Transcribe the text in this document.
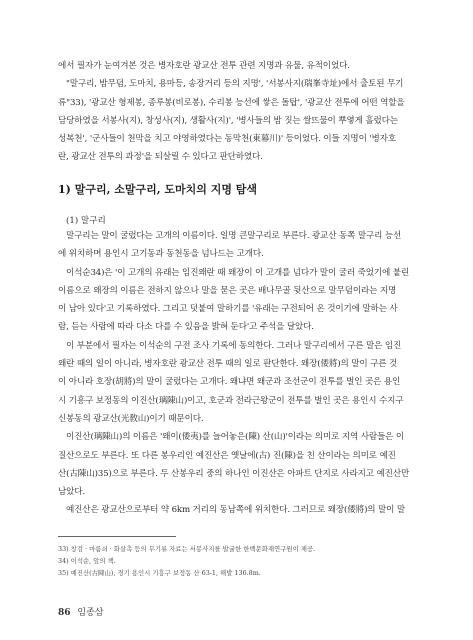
에서 필자가 눈여겨본 것은 병자호란 광교산 전투 관련 지명과 유물, 유적이었다.
"말구리, 밤무덤, 도마치, 용마등, 송장거리 등의 지명', '서봉사지(瑞峯寺址)에서 출토된 무기
류"33), '광교산 형제봉, 종루봉(비로봉), 수리봉 능선에 쌓은 돌탑', '광교산 전투에 어떤 역할을
담당하였을 서봉사(지), 창성사(지), 생활사(지)', '병사들의 밤 짓는 쌀뜨물이 뿌옇게 흘렀다는
성복천', '군사들이 천막을 치고 야영하였다는 동막천(東幕川)' 등이었다. 이들 지명이 '병자호
란, 광교산 전투의 과정'을 되살릴 수 있다고 판단하였다.
1) 말구리, 소말구리, 도마치의 지명 탐색
(1) 말구리
말구리는 말이 굴렀다는 고개의 이름이다. 일명 큰말구리로 부른다. 광교산 동쪽 말구리 능선
에 위치하며 용인시 고기동과 동천동을 넘나드는 고개다.
이석순34)은 '이 고개의 유래는 임진왜란 때 왜장이 이 고개를 넘다가 말이 굴러 죽었기에 붙린
이름으로 왜장의 이름은 전하지 않으나 말을 묻은 곳은 배나무골 뒷산으로 말무덤이라는 지명
이 남아 있다'고 기록하였다. 그리고 덧붙여 말하기를 '유래는 구전되어 온 것이기에 말하는 사
람, 듣는 사람에 따라 다소 다를 수 있음을 밝혀 둔다'고 주석을 달았다.
이 부분에서 필자는 이석순의 구전 조사 기록에 동의한다. 그러나 말구리에서 구른 말은 임진
왜란 때의 일이 아니라, 병자호란 광교산 전투 때의 일로 판단한다. 왜장(倭將)의 말이 구른 것
이 아니라 호장(胡將)의 말이 굴렀다는 고개다. 왜냐면 왜군과 조선군이 전투를 벌인 곳은 용인
시 기흥구 보정동의 이진산(璃陳山)이고, 호군과 전라근왕군이 전투를 벌인 곳은 용인시 수지구
신봉동의 광교산(光敎山)이기 때문이다.
이진산(璃陳山)의 이름은 '왜이(倭夷)를 늘어놓은(陳) 산(山)'이라는 의미로 지역 사람들은 이
질산으로도 부른다. 또 다른 봉우리인 예진산은 옛날에(古) 진(陳)을 친 산이라는 의미로 예진
산(古陳山)35)으로 부른다. 두 산봉우리 중의 하나인 이진산은 아파트 단지로 사라지고 예진산만
남았다.
예진산은 광교산으로부터 약 6km 거리의 동남쪽에 위치한다. 그러므로 왜장(倭將)의 말이 말
33) 창검 · 마름쇠 · 화살촉 등의 무기류 자료는 서봉사지를 발굴한 한백문화재연구원이 제공.
34) 이석순, 앞의 책.
35) 예진산(古陳山), 경기 용인시 기흥구 보정동 산 63-1, 해발 136.8m.
86 임종삼
